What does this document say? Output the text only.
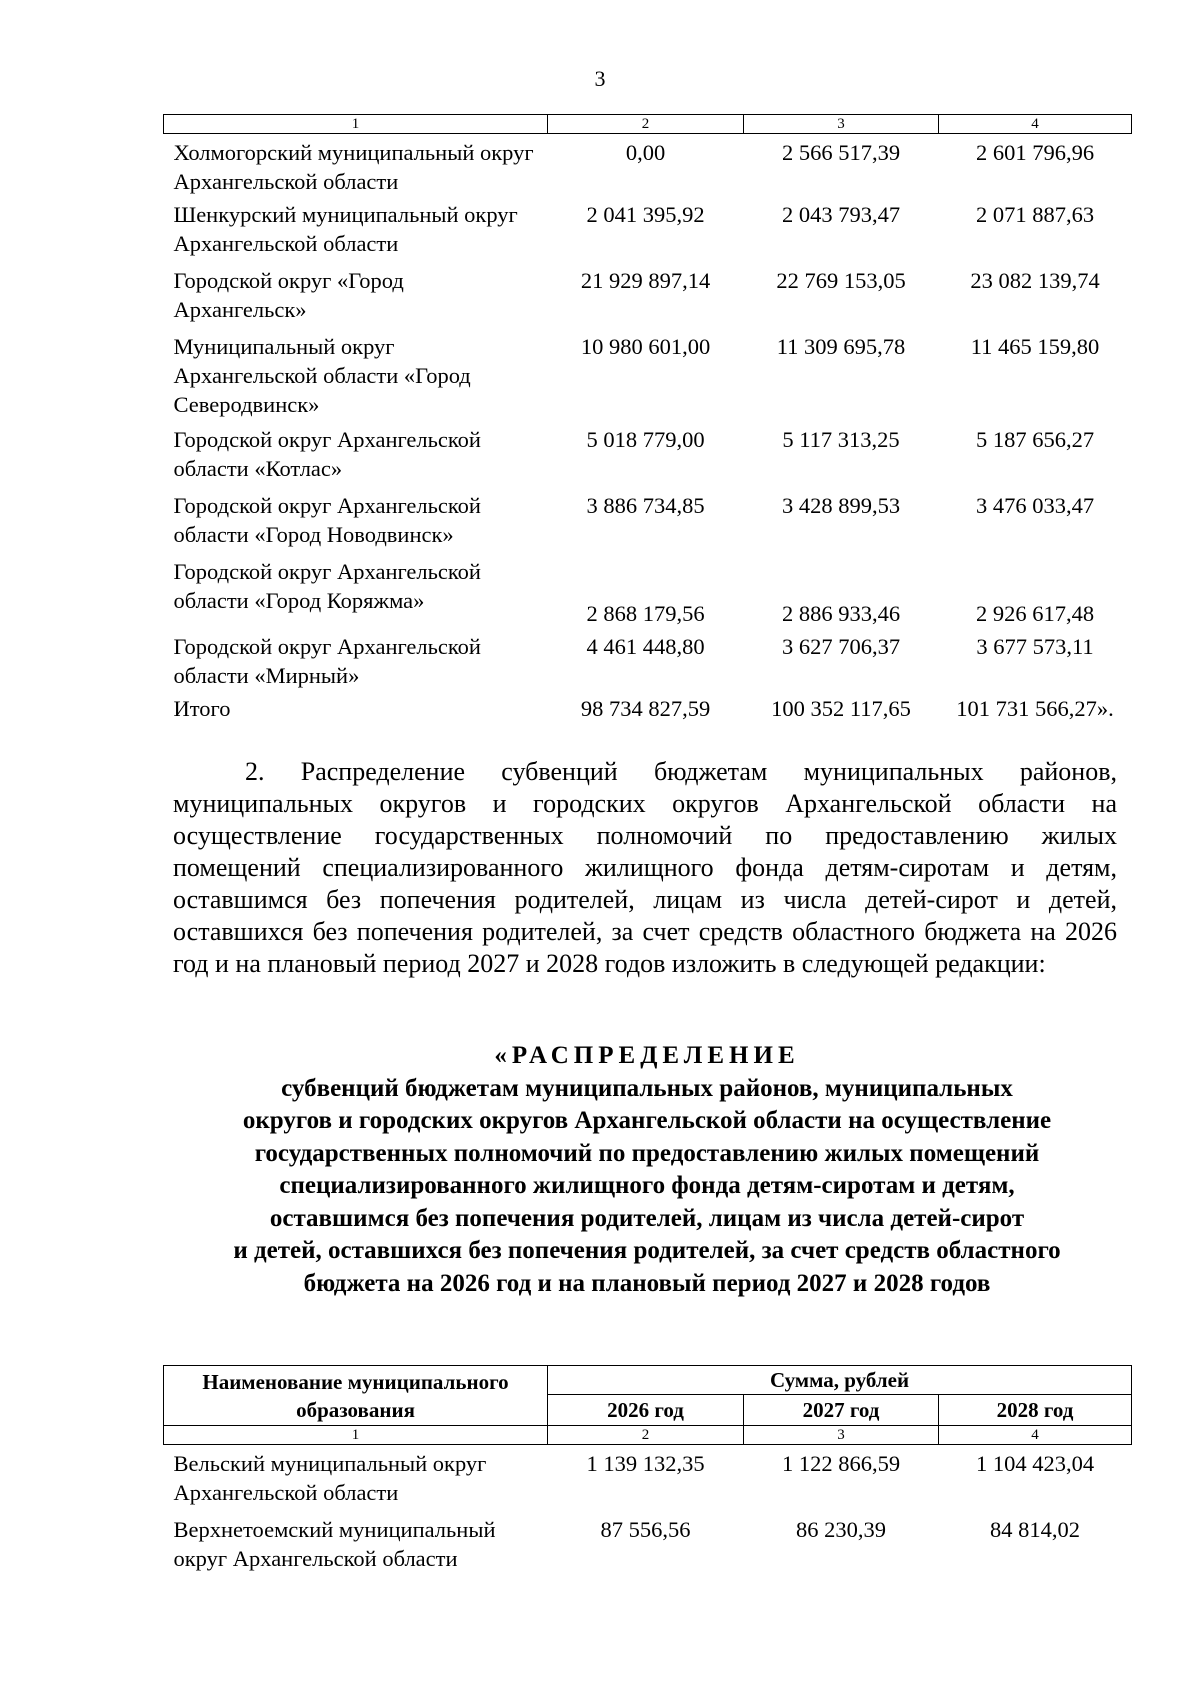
3
1	2	3	4
Холмогорский муниципальный округ Архангельской области	0,00	2 566 517,39	2 601 796,96
Шенкурский муниципальный округ Архангельской области	2 041 395,92	2 043 793,47	2 071 887,63
Городской округ «Город Архангельск»	21 929 897,14	22 769 153,05	23 082 139,74
Муниципальный округ Архангельской области «Город Северодвинск»	10 980 601,00	11 309 695,78	11 465 159,80
Городской округ Архангельской области «Котлас»	5 018 779,00	5 117 313,25	5 187 656,27
Городской округ Архангельской области «Город Новодвинск»	3 886 734,85	3 428 899,53	3 476 033,47
Городской округ Архангельской области «Город Коряжма»	2 868 179,56	2 886 933,46	2 926 617,48
Городской округ Архангельской области «Мирный»	4 461 448,80	3 627 706,37	3 677 573,11
Итого	98 734 827,59	100 352 117,65	101 731 566,27».

2. Распределение субвенций бюджетам муниципальных районов, муниципальных округов и городских округов Архангельской области на осуществление государственных полномочий по предоставлению жилых помещений специализированного жилищного фонда детям-сиротам и детям, оставшимся без попечения родителей, лицам из числа детей-сирот и детей, оставшихся без попечения родителей, за счет средств областного бюджета на 2026 год и на плановый период 2027 и 2028 годов изложить в следующей редакции:

«РАСПРЕДЕЛЕНИЕ
субвенций бюджетам муниципальных районов, муниципальных
округов и городских округов Архангельской области на осуществление
государственных полномочий по предоставлению жилых помещений
специализированного жилищного фонда детям-сиротам и детям,
оставшимся без попечения родителей, лицам из числа детей-сирот
и детей, оставшихся без попечения родителей, за счет средств областного
бюджета на 2026 год и на плановый период 2027 и 2028 годов
Наименование муниципального
образования	Сумма, рублей		
	2026 год	2027 год	2028 год
1	2	3	4
Вельский муниципальный округ Архангельской области	1 139 132,35	1 122 866,59	1 104 423,04
Верхнетоемский муниципальный округ Архангельской области	87 556,56	86 230,39	84 814,02
